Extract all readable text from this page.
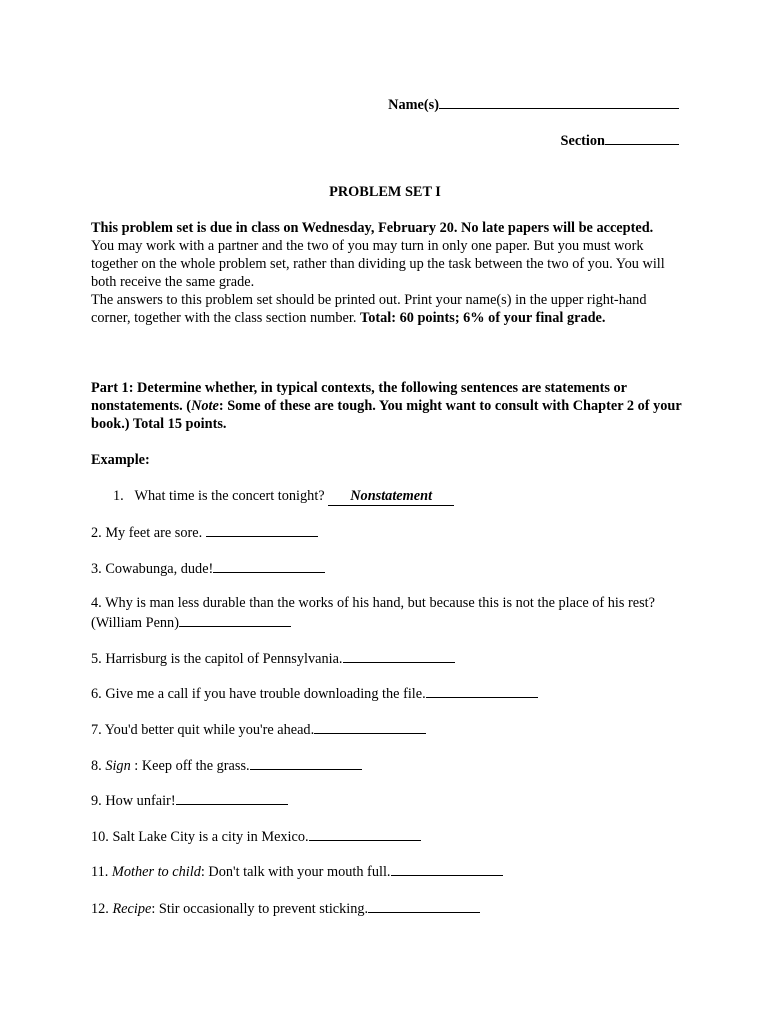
Name(s)
Section
PROBLEM SET I
This problem set is due in class on Wednesday, February 20. No late papers will be accepted.
You may work with a partner and the two of you may turn in only one paper. But you must work together on the whole problem set, rather than dividing up the task between the two of you. You will both receive the same grade.
The answers to this problem set should be printed out. Print your name(s) in the upper right-hand corner, together with the class section number. Total: 60 points; 6% of your final grade.
Part 1: Determine whether, in typical contexts, the following sentences are statements or nonstatements. (Note: Some of these are tough. You might want to consult with Chapter 2 of your book.) Total 15 points.
Example:
1. What time is the concert tonight? Nonstatement
2. My feet are sore.
3. Cowabunga, dude!
4. Why is man less durable than the works of his hand, but because this is not the place of his rest? (William Penn)
5. Harrisburg is the capitol of Pennsylvania.
6. Give me a call if you have trouble downloading the file.
7. You'd better quit while you're ahead.
8. Sign : Keep off the grass.
9. How unfair!
10. Salt Lake City is a city in Mexico.
11. Mother to child: Don't talk with your mouth full.
12. Recipe: Stir occasionally to prevent sticking.
